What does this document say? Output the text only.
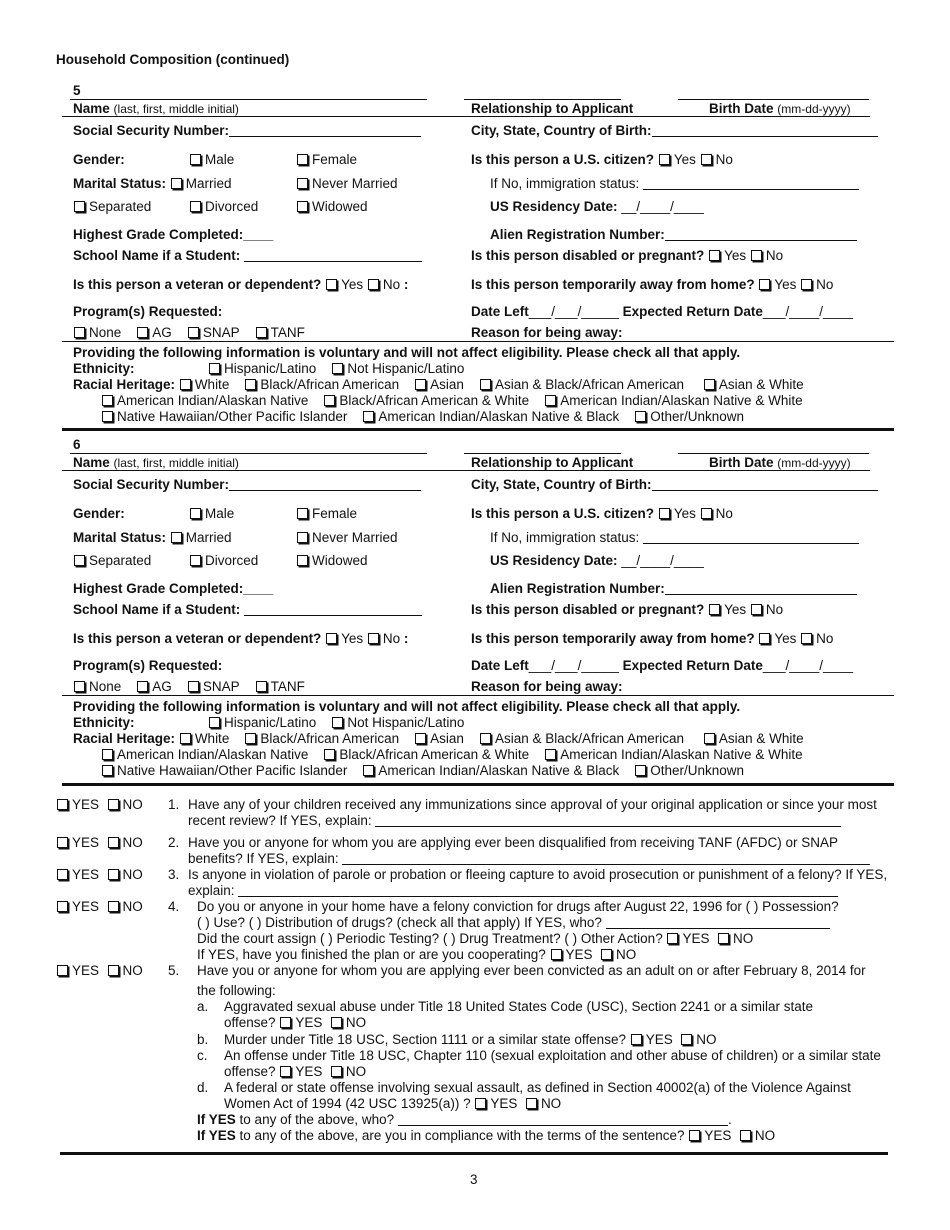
Household Composition (continued)
5
Name (last, first, middle initial)	Relationship to Applicant	Birth Date (mm-dd-yyyy)
Social Security Number:	City, State, Country of Birth:
Gender:	Male	Female	Is this person a U.S. citizen? Yes No
Marital Status: Married	Never Married	If No, immigration status:
Separated	Divorced	Widowed	US Residency Date: __/____/____
Highest Grade Completed:____	Alien Registration Number:
School Name if a Student:	Is this person disabled or pregnant? Yes No
Is this person a veteran or dependent? Yes No :	Is this person temporarily away from home? Yes No
Program(s) Requested:	Date Left___/___/_____ Expected Return Date___/____/____
None AG SNAP TANF	Reason for being away:
Providing the following information is voluntary and will not affect eligibility. Please check all that apply.
Ethnicity:	Hispanic/Latino Not Hispanic/Latino
Racial Heritage: White Black/African American Asian Asian & Black/African American	Asian & White
American Indian/Alaskan Native Black/African American & White American Indian/Alaskan Native & White
Native Hawaiian/Other Pacific Islander American Indian/Alaskan Native & Black Other/Unknown
6
Name (last, first, middle initial)	Relationship to Applicant	Birth Date (mm-dd-yyyy)
Social Security Number:	City, State, Country of Birth:
Gender:	Male	Female	Is this person a U.S. citizen? Yes No
Marital Status: Married	Never Married	If No, immigration status:
Separated	Divorced	Widowed	US Residency Date: __/____/____
Highest Grade Completed:____	Alien Registration Number:
School Name if a Student:	Is this person disabled or pregnant? Yes No
Is this person a veteran or dependent? Yes No :	Is this person temporarily away from home? Yes No
Program(s) Requested:	Date Left___/___/_____ Expected Return Date___/____/____
None AG SNAP TANF	Reason for being away:
Providing the following information is voluntary and will not affect eligibility. Please check all that apply.
Ethnicity:	Hispanic/Latino Not Hispanic/Latino
Racial Heritage: White Black/African American Asian Asian & Black/African American	Asian & White
American Indian/Alaskan Native Black/African American & White American Indian/Alaskan Native & White
Native Hawaiian/Other Pacific Islander American Indian/Alaskan Native & Black Other/Unknown
YES NO 1. Have any of your children received any immunizations since approval of your original application or since your most recent review? If YES, explain:
YES NO 2. Have you or anyone for whom you are applying ever been disqualified from receiving TANF (AFDC) or SNAP benefits? If YES, explain:
YES NO 3. Is anyone in violation of parole or probation or fleeing capture to avoid prosecution or punishment of a felony? If YES, explain:
YES NO 4. Do you or anyone in your home have a felony conviction for drugs after August 22, 1996 for ( ) Possession?
( ) Use? ( ) Distribution of drugs? (check all that apply) If YES, who?
Did the court assign ( ) Periodic Testing? ( ) Drug Treatment? ( ) Other Action? YES NO
If YES, have you finished the plan or are you cooperating? YES NO
YES NO 5. Have you or anyone for whom you are applying ever been convicted as an adult on or after February 8, 2014 for
the following:
a. Aggravated sexual abuse under Title 18 United States Code (USC), Section 2241 or a similar state offense? YES NO
b. Murder under Title 18 USC, Section 1111 or a similar state offense? YES NO
c. An offense under Title 18 USC, Chapter 110 (sexual exploitation and other abuse of children) or a similar state offense? YES NO
d. A federal or state offense involving sexual assault, as defined in Section 40002(a) of the Violence Against Women Act of 1994 (42 USC 13925(a)) ? YES NO
If YES to any of the above, who?	.
If YES to any of the above, are you in compliance with the terms of the sentence? YES NO
3
